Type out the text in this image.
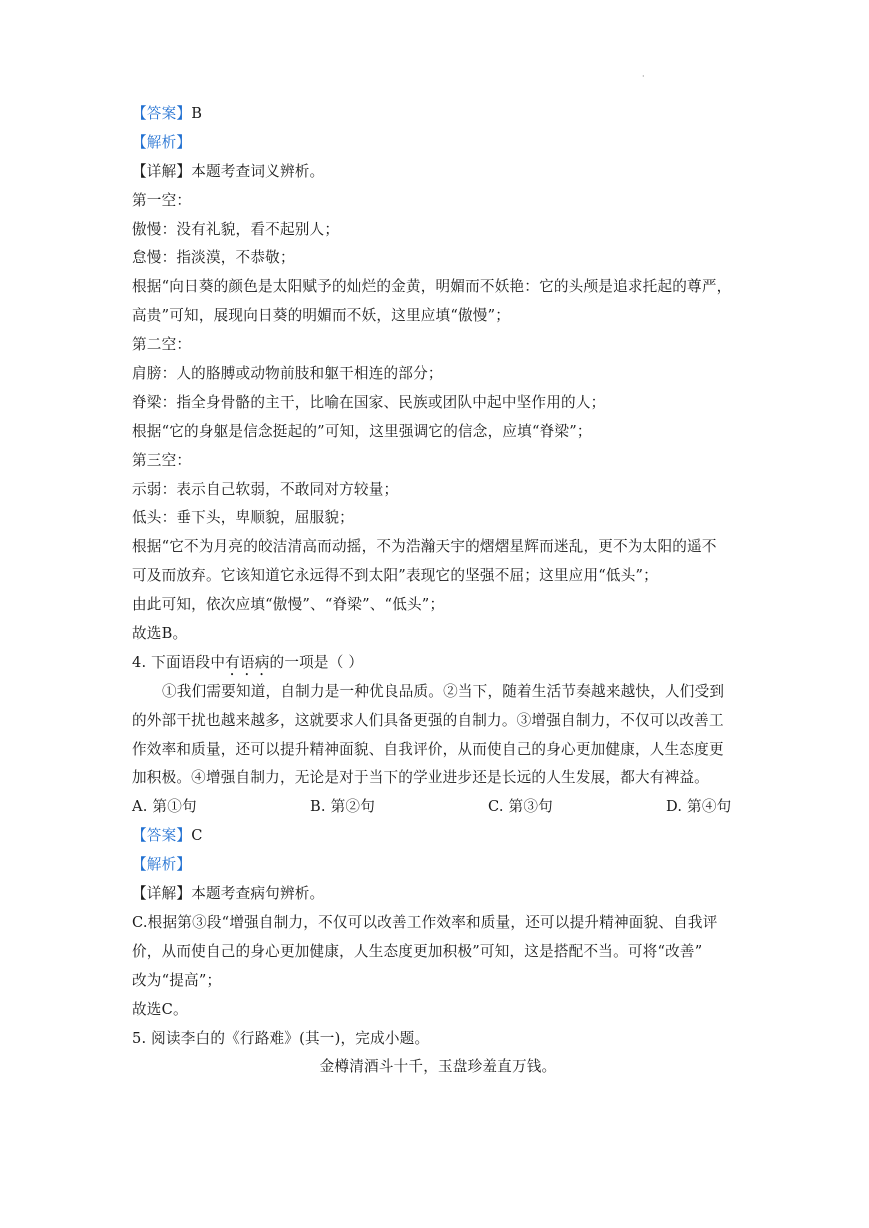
·
【答案】B
【解析】
【详解】本题考查词义辨析。
第一空：
傲慢：没有礼貌，看不起别人；
怠慢：指淡漠，不恭敬；
根据“向日葵的颜色是太阳赋予的灿烂的金黄，明媚而不妖艳：它的头颅是追求托起的尊严，
高贵”可知，展现向日葵的明媚而不妖，这里应填“傲慢”；
第二空：
肩膀：人的胳膊或动物前肢和躯干相连的部分；
脊梁：指全身骨骼的主干，比喻在国家、民族或团队中起中坚作用的人；
根据“它的身躯是信念挺起的”可知，这里强调它的信念，应填“脊梁”；
第三空：
示弱：表示自己软弱，不敢同对方较量；
低头：垂下头，卑顺貌，屈服貌；
根据“它不为月亮的皎洁清高而动摇，不为浩瀚天宇的熠熠星辉而迷乱，更不为太阳的遥不
可及而放弃。它该知道它永远得不到太阳”表现它的坚强不屈；这里应用“低头”；
由此可知，依次应填“傲慢”、“脊梁”、“低头”；
故选B。
4. 下面语段中有语病的一项是（ ）
①我们需要知道，自制力是一种优良品质。②当下，随着生活节奏越来越快，人们受到
的外部干扰也越来越多，这就要求人们具备更强的自制力。③增强自制力，不仅可以改善工
作效率和质量，还可以提升精神面貌、自我评价，从而使自己的身心更加健康，人生态度更
加积极。④增强自制力，无论是对于当下的学业进步还是长远的人生发展，都大有裨益。
A. 第①句	B. 第②句	C. 第③句	D. 第④句
【答案】C
【解析】
【详解】本题考查病句辨析。
C.根据第③段“增强自制力，不仅可以改善工作效率和质量，还可以提升精神面貌、自我评
价，从而使自己的身心更加健康，人生态度更加积极”可知，这是搭配不当。可将“改善”
改为“提高”；
故选C。
5. 阅读李白的《行路难》(其一)，完成小题。
金樽清酒斗十千，玉盘珍羞直万钱。
